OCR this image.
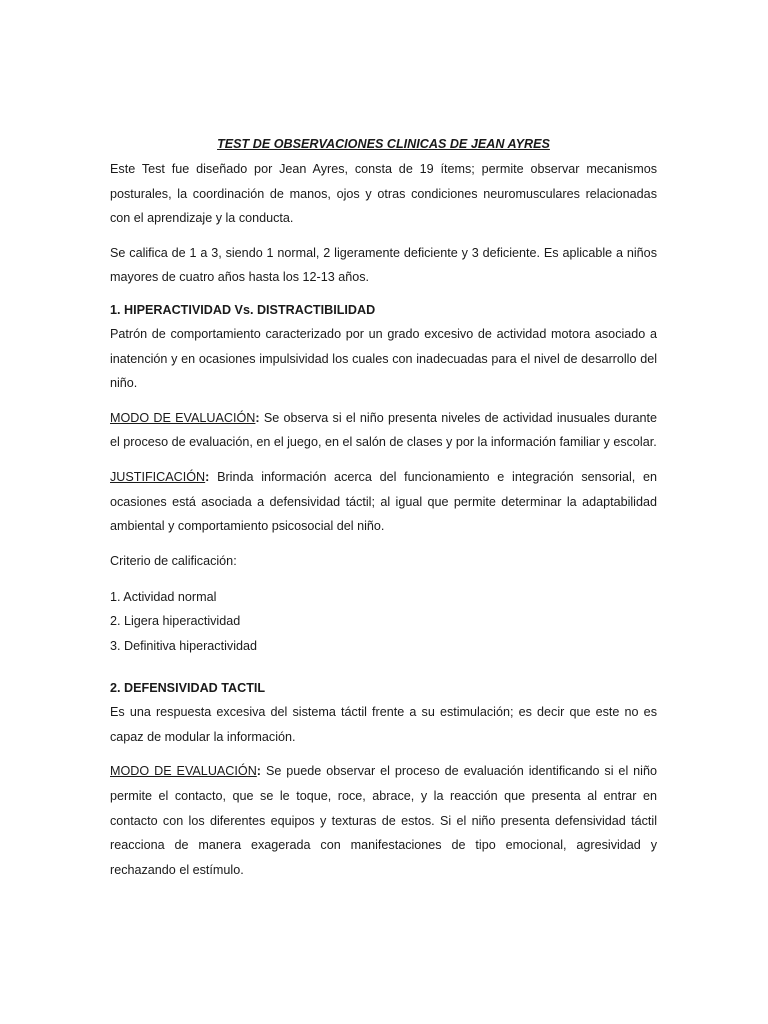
TEST DE OBSERVACIONES CLINICAS DE JEAN AYRES

Este Test fue diseñado por Jean Ayres, consta de 19 ítems; permite observar mecanismos posturales, la coordinación de manos, ojos y otras condiciones neuromusculares relacionadas con el aprendizaje y la conducta.

Se califica de 1 a 3, siendo 1 normal, 2 ligeramente deficiente y 3 deficiente. Es aplicable a niños mayores de cuatro años hasta los 12-13 años.

1. HIPERACTIVIDAD Vs. DISTRACTIBILIDAD

Patrón de comportamiento caracterizado por un grado excesivo de actividad motora asociado a inatención y en ocasiones impulsividad los cuales con inadecuadas para el nivel de desarrollo del niño.

MODO DE EVALUACIÓN: Se observa si el niño presenta niveles de actividad inusuales durante el proceso de evaluación, en el juego, en el salón de clases y por la información familiar y escolar.

JUSTIFICACIÓN: Brinda información acerca del funcionamiento e integración sensorial, en ocasiones está asociada a defensividad táctil; al igual que permite determinar la adaptabilidad ambiental y comportamiento psicosocial del niño.

Criterio de calificación:
1. Actividad normal
2. Ligera hiperactividad
3. Definitiva hiperactividad
2. DEFENSIVIDAD TACTIL

Es una respuesta excesiva del sistema táctil frente a su estimulación; es decir que este no es capaz de modular la información.

MODO DE EVALUACIÓN: Se puede observar el proceso de evaluación identificando si el niño permite el contacto, que se le toque, roce, abrace, y la reacción que presenta al entrar en contacto con los diferentes equipos y texturas de estos. Si el niño presenta defensividad táctil reacciona de manera exagerada con manifestaciones de tipo emocional, agresividad y rechazando el estímulo.
